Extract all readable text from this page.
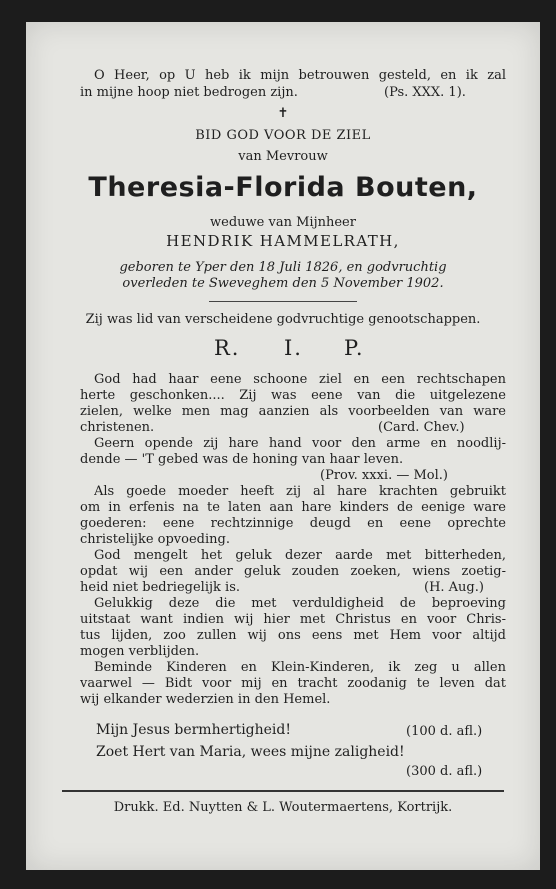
O Heer, op U heb ik mijn betrouwen gesteld, en ik zal
in mijne hoop niet bedrogen zijn.	(Ps. XXX. 1).
✝
BID GOD VOOR DE ZIEL
van Mevrouw
Theresia-Florida Bouten,
weduwe van Mijnheer
HENDRIK HAMMELRATH,
geboren te Yper den 18 Juli 1826, en godvruchtig
overleden te Sweveghem den 5 November 1902.
Zij was lid van verscheidene godvruchtige genootschappen.
R. I. P.
God had haar eene schoone ziel en een rechtschapen
herte geschonken.... Zij was eene van die uitgelezene
zielen, welke men mag aanzien als voorbeelden van ware
christenen.	(Card. Chev.)
Geern opende zij hare hand voor den arme en noodlij-
dende — 'T gebed was de honing van haar leven.
(Prov. xxxi. — Mol.)
Als goede moeder heeft zij al hare krachten gebruikt
om in erfenis na te laten aan hare kinders de eenige ware
goederen: eene rechtzinnige deugd en eene oprechte
christelijke opvoeding.
God mengelt het geluk dezer aarde met bitterheden,
opdat wij een ander geluk zouden zoeken, wiens zoetig-
heid niet bedriegelijk is.	(H. Aug.)
Gelukkig deze die met verduldigheid de beproeving
uitstaat want indien wij hier met Christus en voor Chris-
tus lijden, zoo zullen wij ons eens met Hem voor altijd
mogen verblijden.
Beminde Kinderen en Klein-Kinderen, ik zeg u allen
vaarwel — Bidt voor mij en tracht zoodanig te leven dat
wij elkander wederzien in den Hemel.
Mijn Jesus bermhertigheid!	(100 d. afl.)
Zoet Hert van Maria, wees mijne zaligheid!
(300 d. afl.)
Drukk. Ed. Nuytten & L. Woutermaertens, Kortrijk.
